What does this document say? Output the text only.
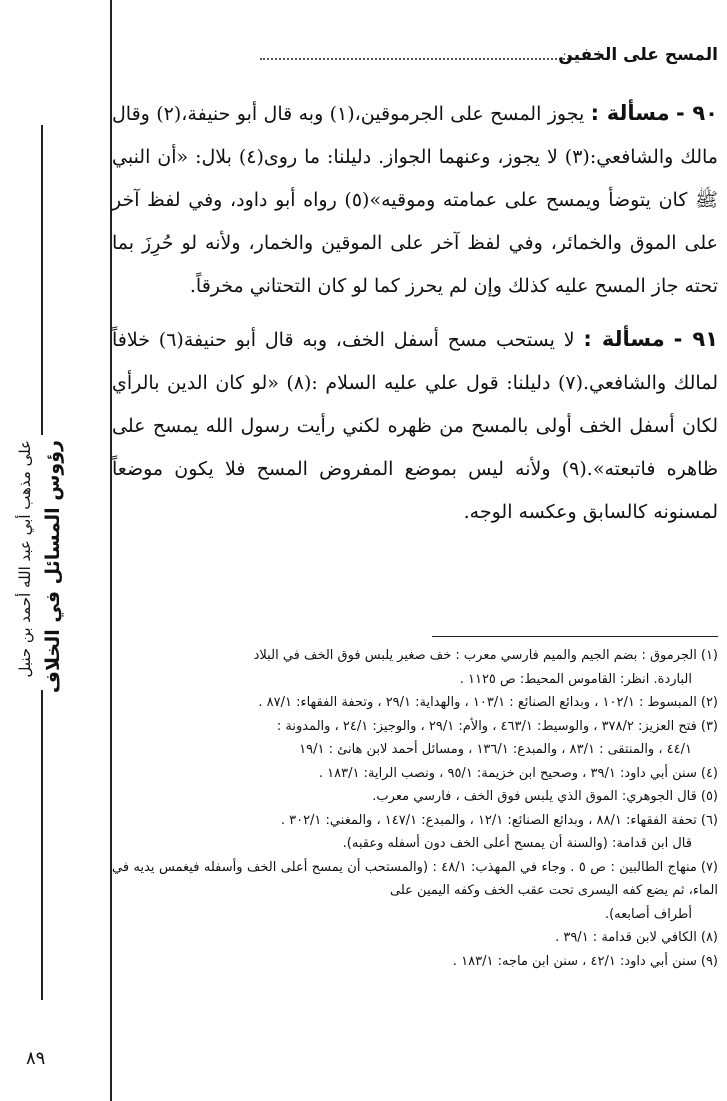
المسح على الخفين
رؤوس المسائل في الخلاف
على مذهب أبي عبد الله أحمد بن حنبل

٩٠ - مسألة : يجوز المسح على الجرموقين،(١) وبه قال أبو حنيفة،(٢) وقال مالك والشافعي:(٣) لا يجوز، وعنهما الجواز. دليلنا: ما روى(٤) بلال: «أن النبي ﷺ كان يتوضأ ويمسح على عمامته وموقيه»(٥) رواه أبو داود، وفي لفظ آخر على الموق والخمائر، وفي لفظ آخر على الموقين والخمار، ولأنه لو حُرِزَ بما تحته جاز المسح عليه كذلك وإن لم يحرز كما لو كان التحتاني مخرقاً.

٩١ - مسألة : لا يستحب مسح أسفل الخف، وبه قال أبو حنيفة(٦) خلافاً لمالك والشافعي.(٧) دليلنا: قول علي عليه السلام :(٨) «لو كان الدين بالرأي لكان أسفل الخف أولى بالمسح من ظهره لكني رأيت رسول الله يمسح على ظاهره فاتبعته».(٩) ولأنه ليس بموضع المفروض المسح فلا يكون موضعاً لمسنونه كالسابق وعكسه الوجه.

(١)الجرموق : بضم الجيم والميم فارسي معرب : خف صغير يلبس فوق الخف في البلاد
الباردة. انظر: القاموس المحيط: ص ١١٢٥ .

(٢)المبسوط : ١٠٢/١ ، وبدائع الصنائع : ١٠٣/١ ، والهداية: ٢٩/١ ، وتحفة الفقهاء: ٨٧/١ .

(٣)فتح العزيز: ٣٧٨/٢ ، والوسيط: ٤٦٣/١ ، والأم: ٢٩/١ ، والوجيز: ٢٤/١ ، والمدونة :
٤٤/١ ، والمنتقى : ٨٣/١ ، والمبدع: ١٣٦/١ ، ومسائل أحمد لابن هانئ : ١٩/١

(٤)سنن أبي داود: ٣٩/١ ، وصحيح ابن خزيمة: ٩٥/١ ، ونصب الراية: ١٨٣/١ .

(٥)قال الجوهري: الموق الذي يلبس فوق الخف ، فارسي معرب.

(٦)تحفة الفقهاء: ٨٨/١ ، وبدائع الصنائع: ١٢/١ ، والمبدع: ١٤٧/١ ، والمغني: ٣٠٢/١ .
قال ابن قدامة: (والسنة أن يمسح أعلى الخف دون أسفله وعقبه).

(٧)منهاج الطالبين : ص ٥ . وجاء في المهذب: ٤٨/١ : (والمستحب أن يمسح أعلى الخف وأسفله فيغمس يديه في الماء، ثم يضع كفه اليسرى تحت عقب الخف وكفه اليمين على
أطراف أصابعه).

(٨)الكافي لابن قدامة : ٣٩/١ .

(٩)سنن أبي داود: ٤٢/١ ، سنن ابن ماجه: ١٨٣/١ .

٨٩
